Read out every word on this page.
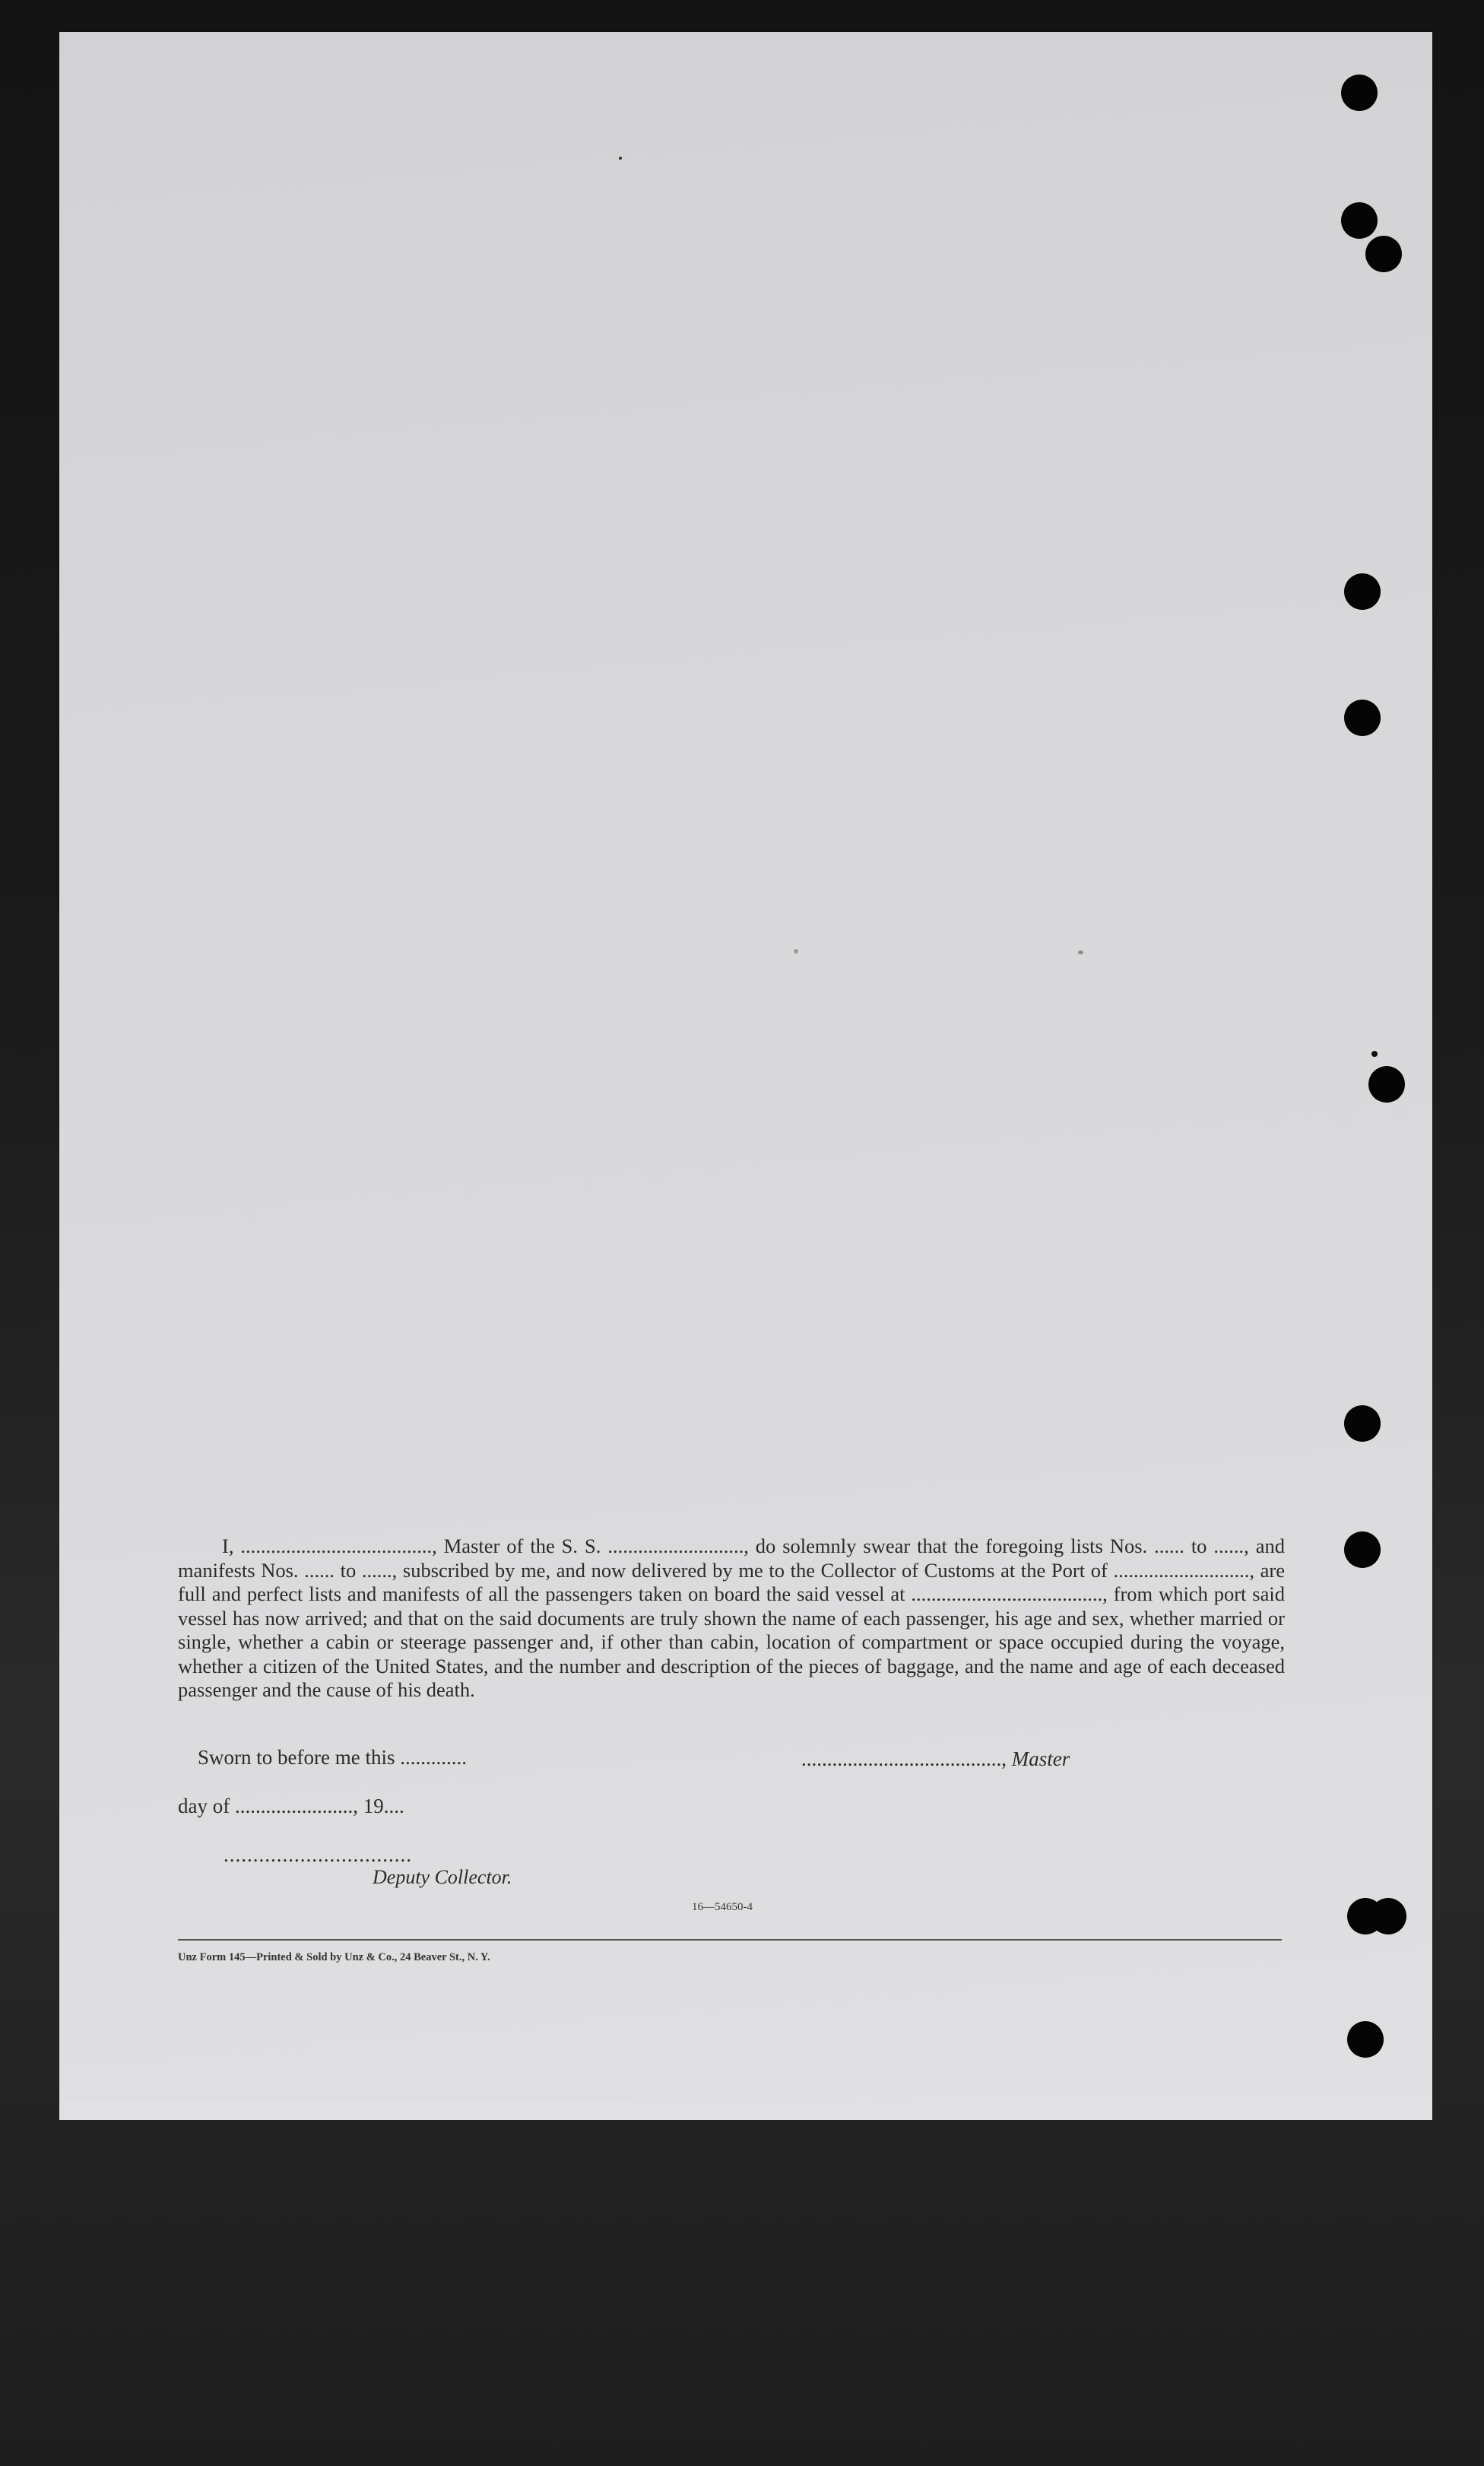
I, ......................................, Master of the S. S. ..........................., do solemnly swear that the foregoing lists Nos. ...... to ......, and manifests Nos. ...... to ......, subscribed by me, and now delivered by me to the Collector of Customs at the Port of ..........................., are full and perfect lists and manifests of all the passengers taken on board the said vessel at ......................................, from which port said vessel has now arrived; and that on the said documents are truly shown the name of each passenger, his age and sex, whether married or single, whether a cabin or steerage passenger and, if other than cabin, location of compartment or space occupied during the voyage, whether a citizen of the United States, and the number and description of the pieces of baggage, and the name and age of each deceased passenger and the cause of his death.

Sworn to before me this .............	......................................., Master
day of ......................., 19....
................................
Deputy Collector.
16—54650-4
Unz Form 145—Printed & Sold by Unz & Co., 24 Beaver St., N. Y.
